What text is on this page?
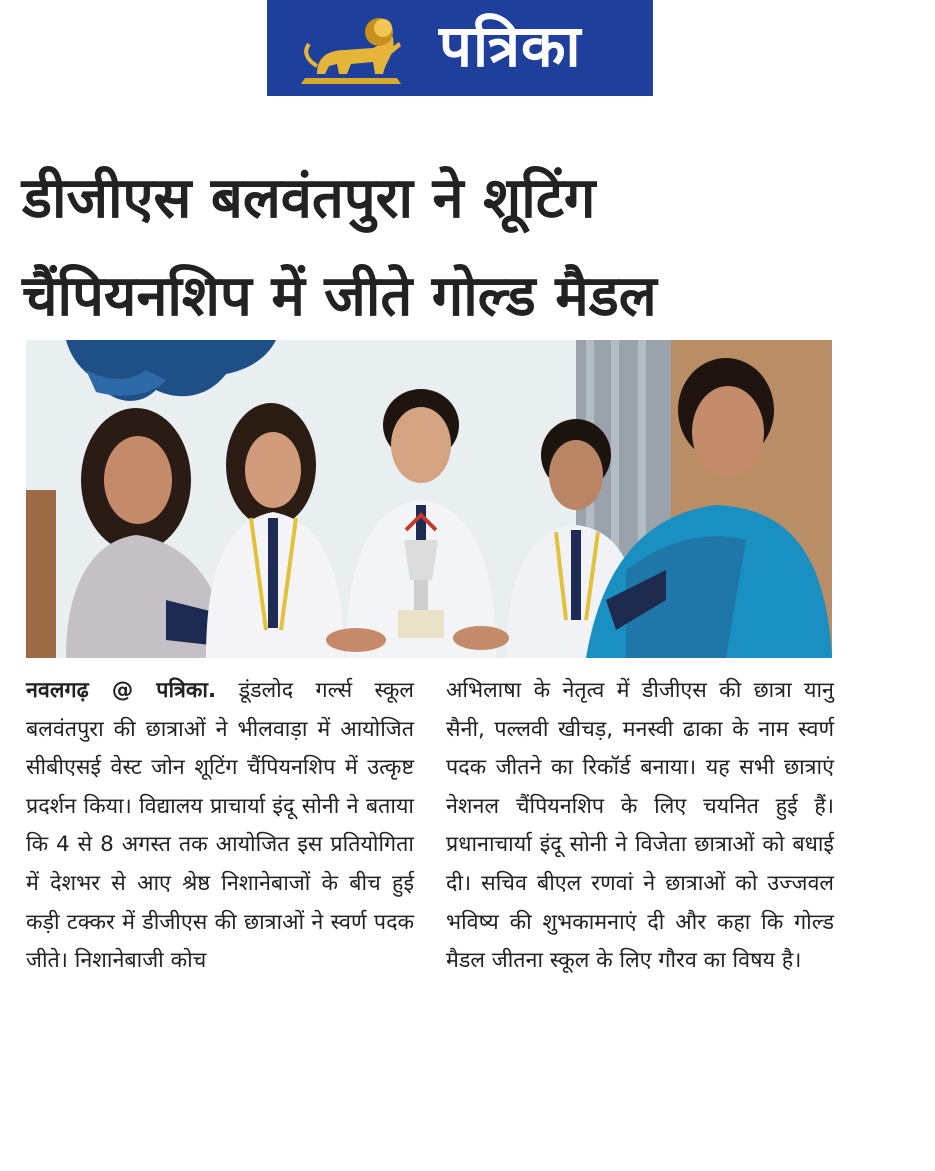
पत्रिका
डीजीएस बलवंतपुरा ने शूटिंग
चैंपियनशिप में जीते गोल्ड मैडल

नवलगढ़ @ पत्रिका. डूंडलोद गर्ल्स स्कूल बलवंतपुरा की छात्राओं ने भीलवाड़ा में आयोजित सीबीएसई वेस्ट जोन शूटिंग चैंपियनशिप में उत्कृष्ट प्रदर्शन किया। विद्यालय प्राचार्या इंदू सोनी ने बताया कि 4 से 8 अगस्त तक आयोजित इस प्रतियोगिता में देशभर से आए श्रेष्ठ निशानेबाजों के बीच हुई कड़ी टक्कर में डीजीएस की छात्राओं ने स्वर्ण पदक जीते। निशानेबाजी कोच

अभिलाषा के नेतृत्व में डीजीएस की छात्रा यानु सैनी, पल्लवी खीचड़, मनस्वी ढाका के नाम स्वर्ण पदक जीतने का रिकॉर्ड बनाया। यह सभी छात्राएं नेशनल चैंपियनशिप के लिए चयनित हुई हैं। प्रधानाचार्या इंदू सोनी ने विजेता छात्राओं को बधाई दी। सचिव बीएल रणवां ने छात्राओं को उज्जवल भविष्य की शुभकामनाएं दी और कहा कि गोल्ड मैडल जीतना स्कूल के लिए गौरव का विषय है।
